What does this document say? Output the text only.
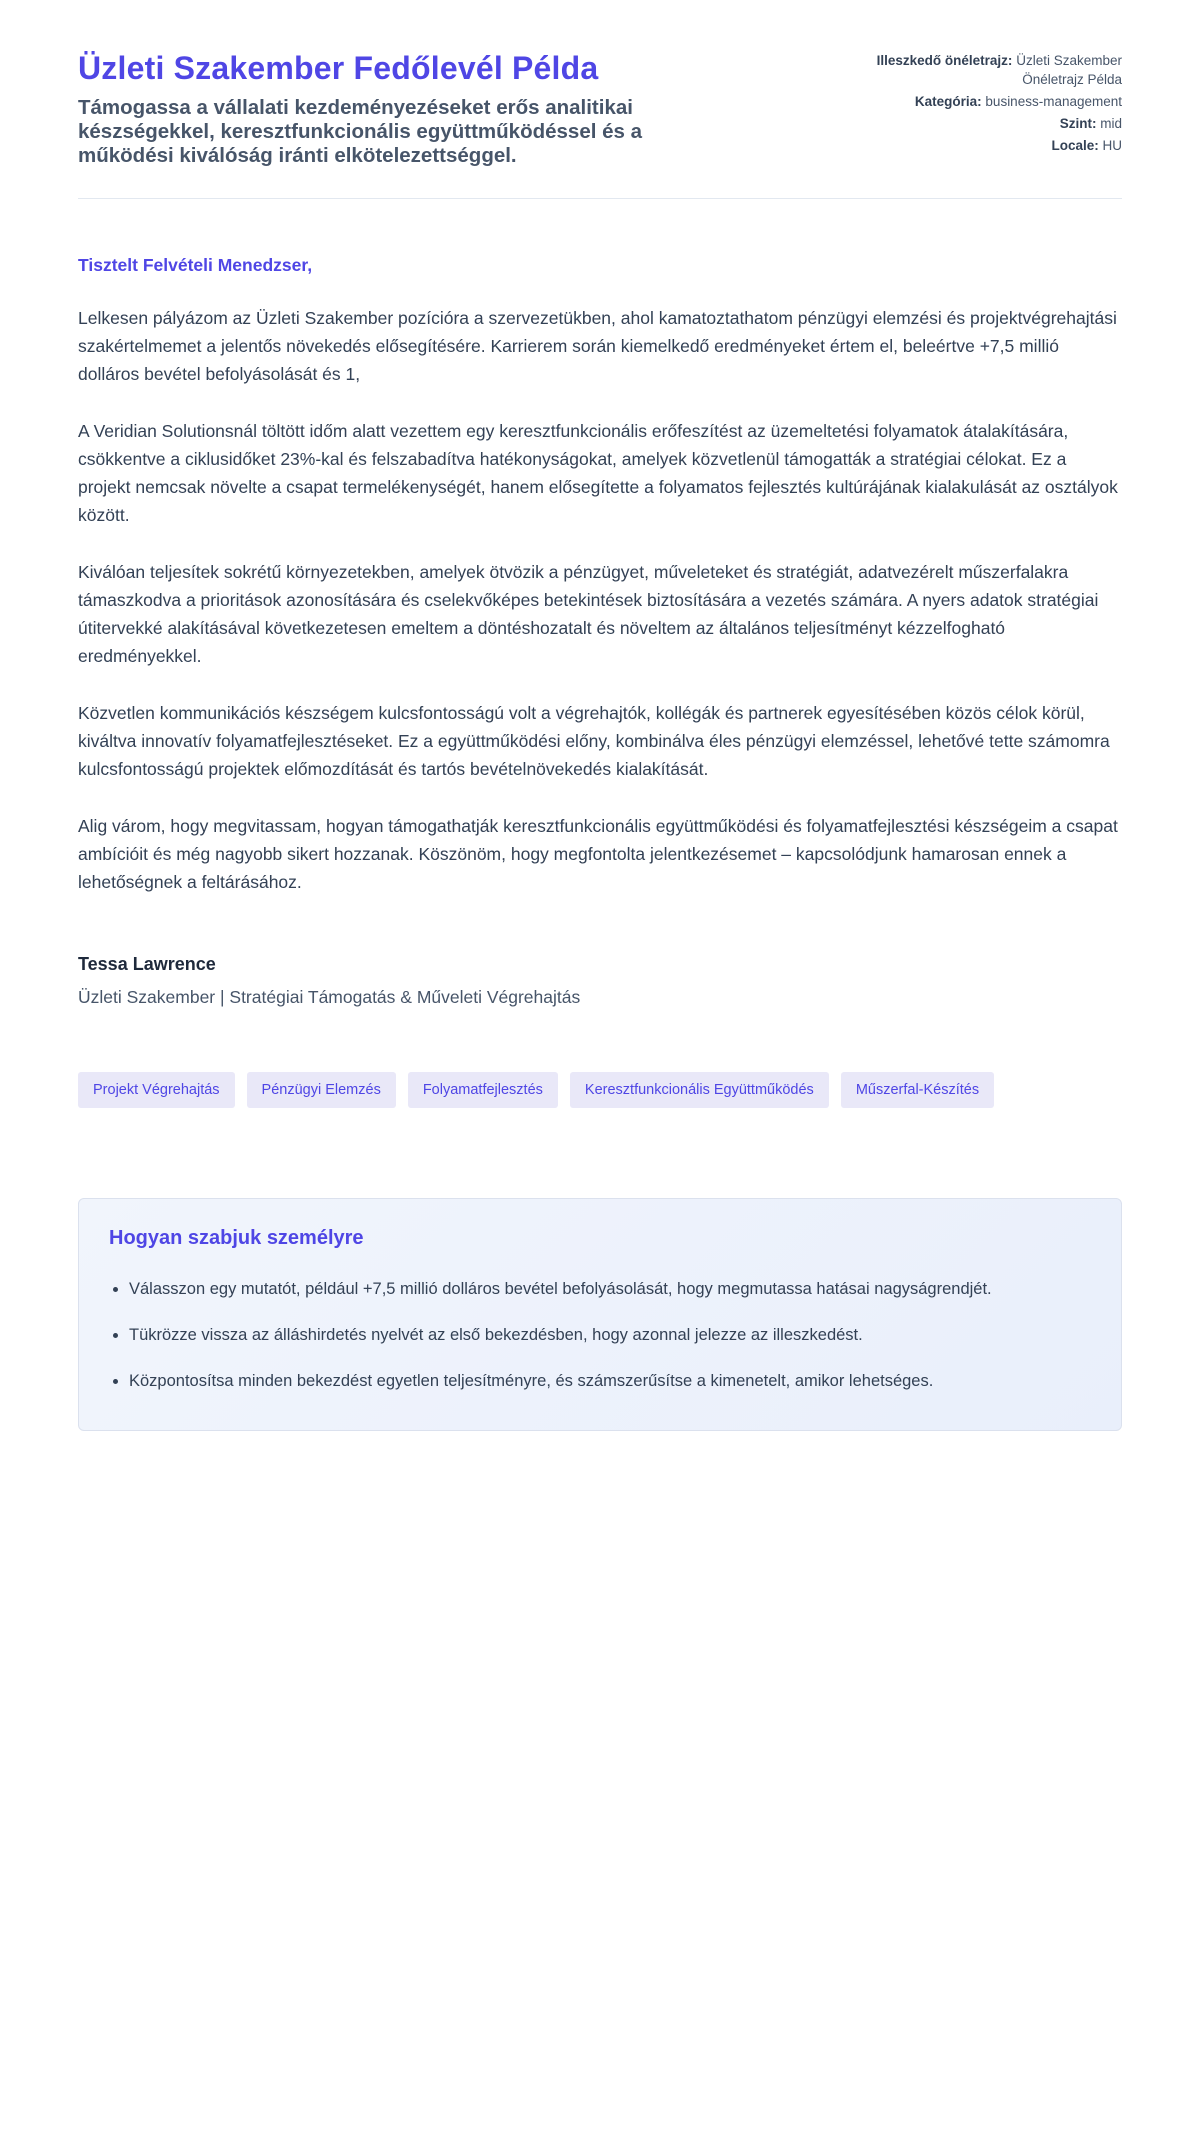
Üzleti Szakember Fedőlevél Példa
Támogassa a vállalati kezdeményezéseket erős analitikai készségekkel, keresztfunkcionális együttműködéssel és a működési kiválóság iránti elkötelezettséggel.
Illeszkedő önéletrajz: Üzleti Szakember Önéletrajz Példa
Kategória: business-management
Szint: mid
Locale: HU
Tisztelt Felvételi Menedzser,

Lelkesen pályázom az Üzleti Szakember pozícióra a szervezetükben, ahol kamatoztathatom pénzügyi elemzési és projektvégrehajtási szakértelmemet a jelentős növekedés elősegítésére. Karrierem során kiemelkedő eredményeket értem el, beleértve +7,5 millió dolláros bevétel befolyásolását és 1,

A Veridian Solutionsnál töltött időm alatt vezettem egy keresztfunkcionális erőfeszítést az üzemeltetési folyamatok átalakítására, csökkentve a ciklusidőket 23%-kal és felszabadítva hatékonyságokat, amelyek közvetlenül támogatták a stratégiai célokat. Ez a projekt nemcsak növelte a csapat termelékenységét, hanem elősegítette a folyamatos fejlesztés kultúrájának kialakulását az osztályok között.

Kiválóan teljesítek sokrétű környezetekben, amelyek ötvözik a pénzügyet, műveleteket és stratégiát, adatvezérelt műszerfalakra támaszkodva a prioritások azonosítására és cselekvőképes betekintések biztosítására a vezetés számára. A nyers adatok stratégiai útitervekké alakításával következetesen emeltem a döntéshozatalt és növeltem az általános teljesítményt kézzelfogható eredményekkel.

Közvetlen kommunikációs készségem kulcsfontosságú volt a végrehajtók, kollégák és partnerek egyesítésében közös célok körül, kiváltva innovatív folyamatfejlesztéseket. Ez a együttműködési előny, kombinálva éles pénzügyi elemzéssel, lehetővé tette számomra kulcsfontosságú projektek előmozdítását és tartós bevételnövekedés kialakítását.

Alig várom, hogy megvitassam, hogyan támogathatják keresztfunkcionális együttműködési és folyamatfejlesztési készségeim a csapat ambícióit és még nagyobb sikert hozzanak. Köszönöm, hogy megfontolta jelentkezésemet – kapcsolódjunk hamarosan ennek a lehetőségnek a feltárásához.

Tessa Lawrence
Üzleti Szakember | Stratégiai Támogatás & Műveleti Végrehajtás
Projekt Végrehajtás	Pénzügyi Elemzés	Folyamatfejlesztés	Keresztfunkcionális Együttműködés	Műszerfal-Készítés
Hogyan szabjuk személyre
• Válasszon egy mutatót, például +7,5 millió dolláros bevétel befolyásolását, hogy megmutassa hatásai nagyságrendjét.
• Tükrözze vissza az álláshirdetés nyelvét az első bekezdésben, hogy azonnal jelezze az illeszkedést.
• Központosítsa minden bekezdést egyetlen teljesítményre, és számszerűsítse a kimenetelt, amikor lehetséges.
